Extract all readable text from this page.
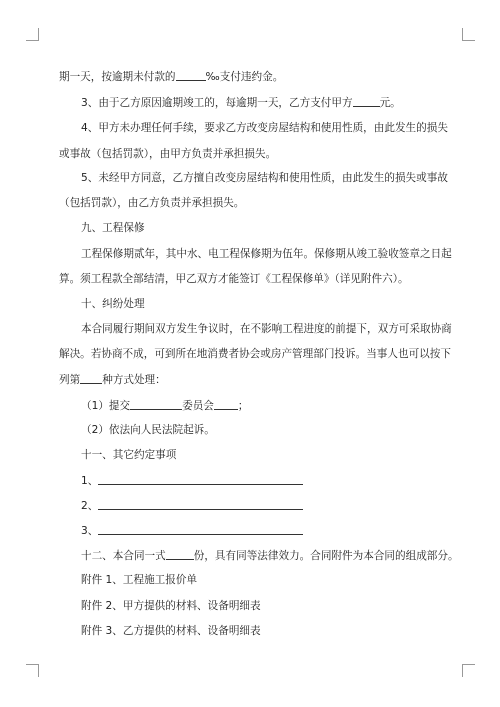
期一天，按逾期未付款的	‰支付违约金。
3、由于乙方原因逾期竣工的，每逾期一天，乙方支付甲方	元。
4、甲方未办理任何手续，要求乙方改变房屋结构和使用性质，由此发生的损失
或事故（包括罚款），由甲方负责并承担损失。
5、未经甲方同意，乙方擅自改变房屋结构和使用性质，由此发生的损失或事故
（包括罚款），由乙方负责并承担损失。
九、工程保修
工程保修期贰年，其中水、电工程保修期为伍年。保修期从竣工验收签章之日起
算。须工程款全部结清，甲乙双方才能签订《工程保修单》（详见附件六）。
十、纠纷处理
本合同履行期间双方发生争议时，在不影响工程进度的前提下，双方可采取协商
解决。若协商不成，可到所在地消费者协会或房产管理部门投诉。当事人也可以按下
列第 种方式处理：
（1）提交	委员会 ；
（2）依法向人民法院起诉。
十一、其它约定事项
1、
2、
3、
十二、本合同一式	份，具有同等法律效力。合同附件为本合同的组成部分。
附件 1、工程施工报价单
附件 2、甲方提供的材料、设备明细表
附件 3、乙方提供的材料、设备明细表
